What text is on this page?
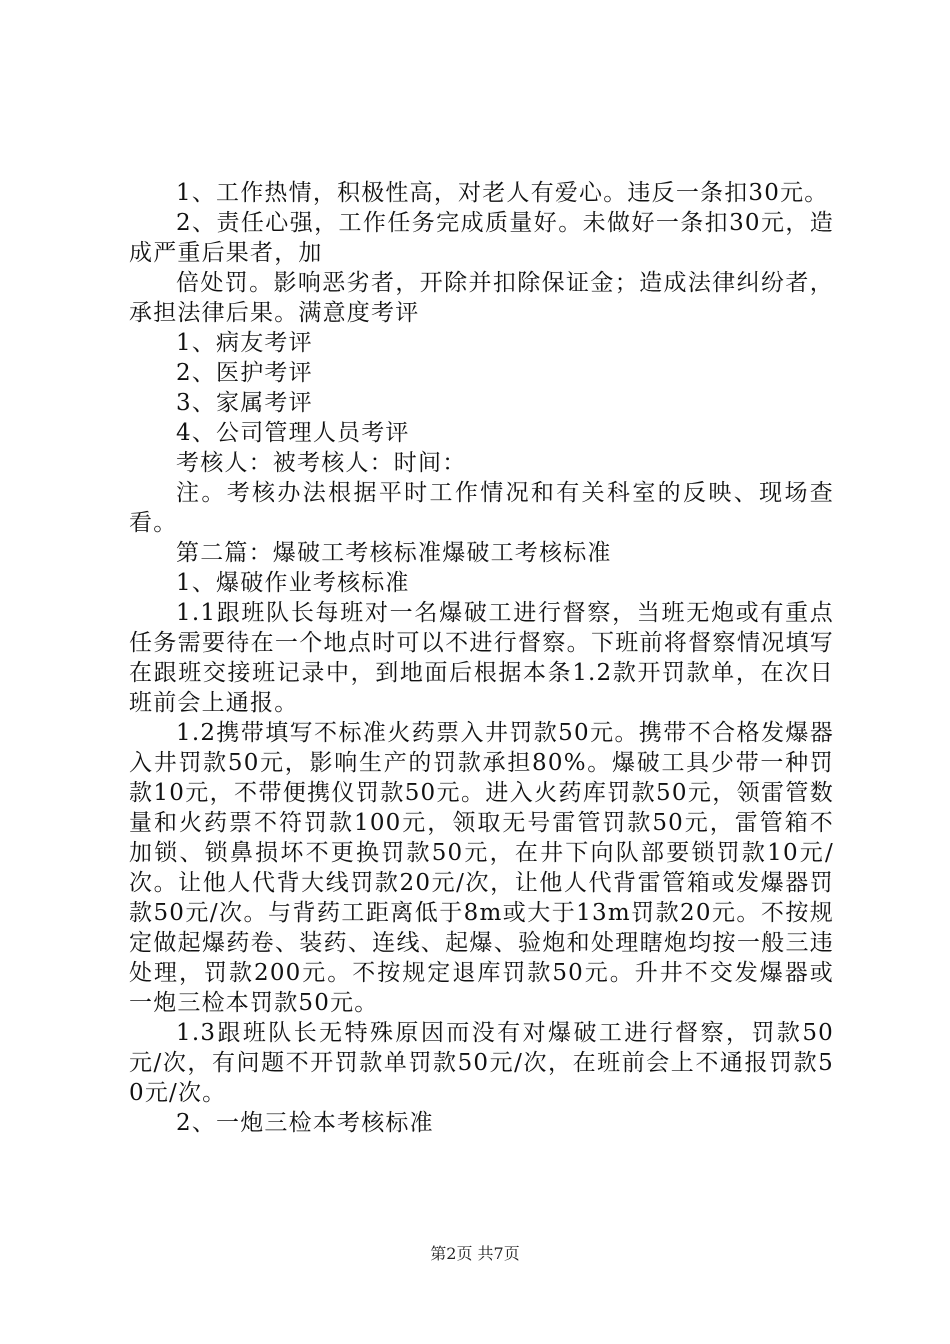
1、工作热情，积极性高，对老人有爱心。违反一条扣30元。

2、责任心强，工作任务完成质量好。未做好一条扣30元，造成严重后果者，加

倍处罚。影响恶劣者，开除并扣除保证金；造成法律纠纷者，承担法律后果。满意度考评

1、病友考评

2、医护考评

3、家属考评

4、公司管理人员考评

考核人：被考核人：时间：

注。考核办法根据平时工作情况和有关科室的反映、现场查看。

第二篇：爆破工考核标准爆破工考核标准

1、爆破作业考核标准

1.1跟班队长每班对一名爆破工进行督察，当班无炮或有重点任务需要待在一个地点时可以不进行督察。下班前将督察情况填写在跟班交接班记录中，到地面后根据本条1.2款开罚款单，在次日班前会上通报。

1.2携带填写不标准火药票入井罚款50元。携带不合格发爆器入井罚款50元，影响生产的罚款承担80%。爆破工具少带一种罚款10元，不带便携仪罚款50元。进入火药库罚款50元，领雷管数量和火药票不符罚款100元，领取无号雷管罚款50元，雷管箱不加锁、锁鼻损坏不更换罚款50元，在井下向队部要锁罚款10元/次。让他人代背大线罚款20元/次，让他人代背雷管箱或发爆器罚款50元/次。与背药工距离低于8m或大于13m罚款20元。不按规定做起爆药卷、装药、连线、起爆、验炮和处理瞎炮均按一般三违处理，罚款200元。不按规定退库罚款50元。升井不交发爆器或一炮三检本罚款50元。

1.3跟班队长无特殊原因而没有对爆破工进行督察，罚款50元/次，有问题不开罚款单罚款50元/次，在班前会上不通报罚款50元/次。

2、一炮三检本考核标准

第2页 共7页
